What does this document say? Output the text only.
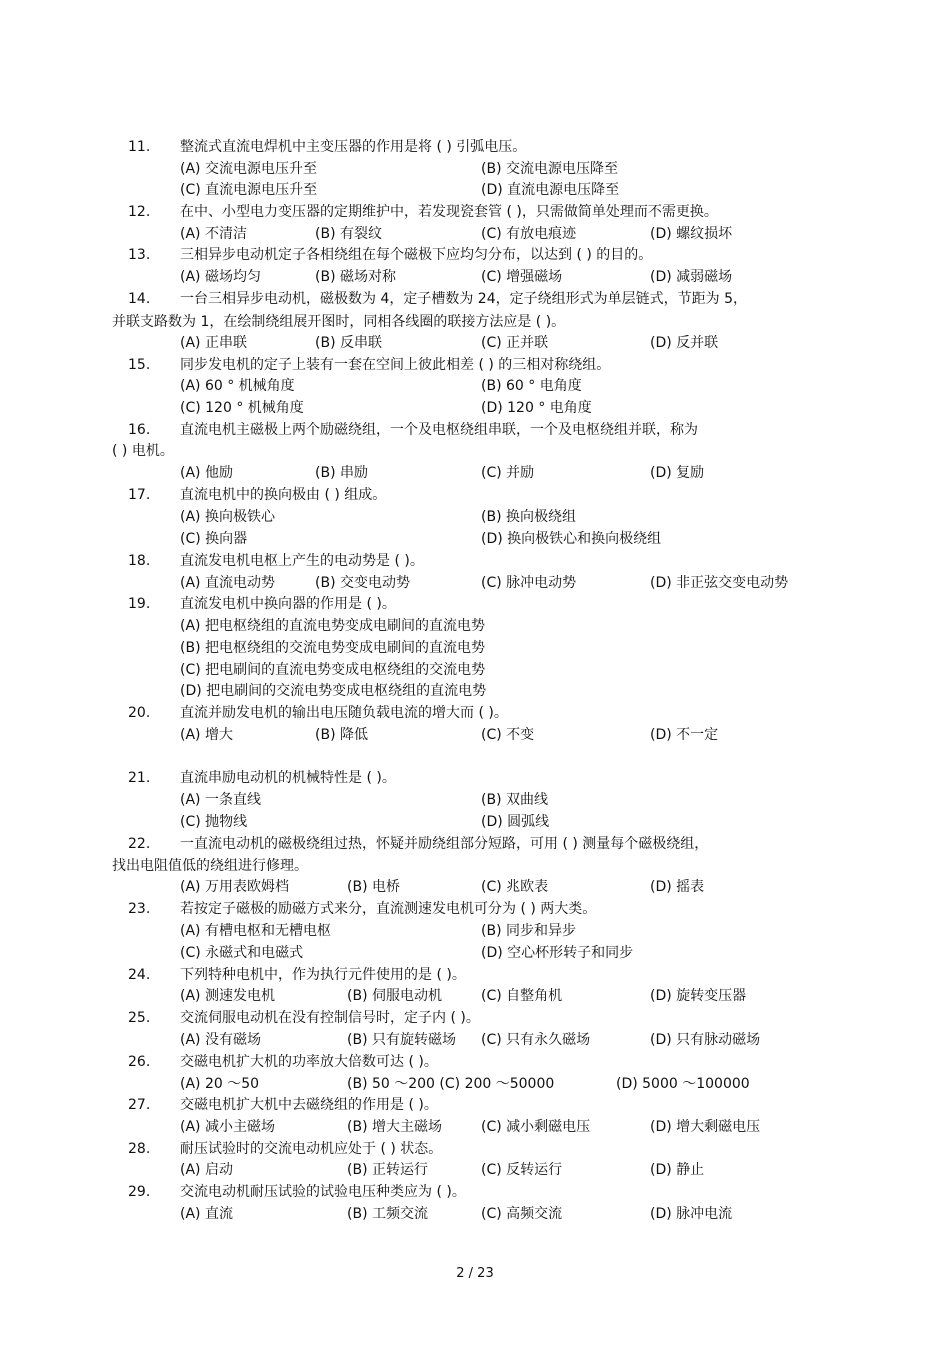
11. 整流式直流电焊机中主变压器的作用是将 ( ) 引弧电压。
(A) 交流电源电压升至	(B) 交流电源电压降至
(C) 直流电源电压升至	(D) 直流电源电压降至
12. 在中、小型电力变压器的定期维护中，若发现瓷套管 ( )，只需做简单处理而不需更换。
(A) 不清洁	(B) 有裂纹	(C) 有放电痕迹	(D) 螺纹损坏
13. 三相异步电动机定子各相绕组在每个磁极下应均匀分布，以达到 ( ) 的目的。
(A) 磁场均匀	(B) 磁场对称	(C) 增强磁场	(D) 减弱磁场
14. 一台三相异步电动机，磁极数为 4，定子槽数为 24，定子绕组形式为单层链式，节距为 5，
并联支路数为 1，在绘制绕组展开图时，同相各线圈的联接方法应是 ( )。
(A) 正串联	(B) 反串联	(C) 正并联	(D) 反并联
15. 同步发电机的定子上装有一套在空间上彼此相差 ( ) 的三相对称绕组。
(A) 60 ° 机械角度	(B) 60 ° 电角度
(C) 120 ° 机械角度	(D) 120 ° 电角度
16. 直流电机主磁极上两个励磁绕组，一个及电枢绕组串联，一个及电枢绕组并联，称为
( ) 电机。
(A) 他励	(B) 串励	(C) 并励	(D) 复励
17. 直流电机中的换向极由 ( ) 组成。
(A) 换向极铁心	(B) 换向极绕组
(C) 换向器	(D) 换向极铁心和换向极绕组
18. 直流发电机电枢上产生的电动势是 ( )。
(A) 直流电动势	(B) 交变电动势	(C) 脉冲电动势	(D) 非正弦交变电动势
19. 直流发电机中换向器的作用是 ( )。
(A) 把电枢绕组的直流电势变成电刷间的直流电势
(B) 把电枢绕组的交流电势变成电刷间的直流电势
(C) 把电刷间的直流电势变成电枢绕组的交流电势
(D) 把电刷间的交流电势变成电枢绕组的直流电势
20. 直流并励发电机的输出电压随负载电流的增大而 ( )。
(A) 增大	(B) 降低	(C) 不变	(D) 不一定
21. 直流串励电动机的机械特性是 ( )。
(A) 一条直线	(B) 双曲线
(C) 抛物线	(D) 圆弧线
22. 一直流电动机的磁极绕组过热，怀疑并励绕组部分短路，可用 ( ) 测量每个磁极绕组，
找出电阻值低的绕组进行修理。
(A) 万用表欧姆档	(B) 电桥	(C) 兆欧表	(D) 摇表
23. 若按定子磁极的励磁方式来分，直流测速发电机可分为 ( ) 两大类。
(A) 有槽电枢和无槽电枢	(B) 同步和异步
(C) 永磁式和电磁式	(D) 空心杯形转子和同步
24. 下列特种电机中，作为执行元件使用的是 ( )。
(A) 测速发电机	(B) 伺服电动机	(C) 自整角机	(D) 旋转变压器
25. 交流伺服电动机在没有控制信号时，定子内 ( )。
(A) 没有磁场	(B) 只有旋转磁场 (C) 只有永久磁场	(D) 只有脉动磁场
26. 交磁电机扩大机的功率放大倍数可达 ( )。
(A) 20 ～50	(B) 50 ～200 (C) 200 ～50000	(D) 5000 ～100000
27. 交磁电机扩大机中去磁绕组的作用是 ( )。
(A) 减小主磁场	(B) 增大主磁场	(C) 减小剩磁电压	(D) 增大剩磁电压
28. 耐压试验时的交流电动机应处于 ( ) 状态。
(A) 启动	(B) 正转运行	(C) 反转运行	(D) 静止
29. 交流电动机耐压试验的试验电压种类应为 ( )。
(A) 直流	(B) 工频交流	(C) 高频交流	(D) 脉冲电流
2 / 23
